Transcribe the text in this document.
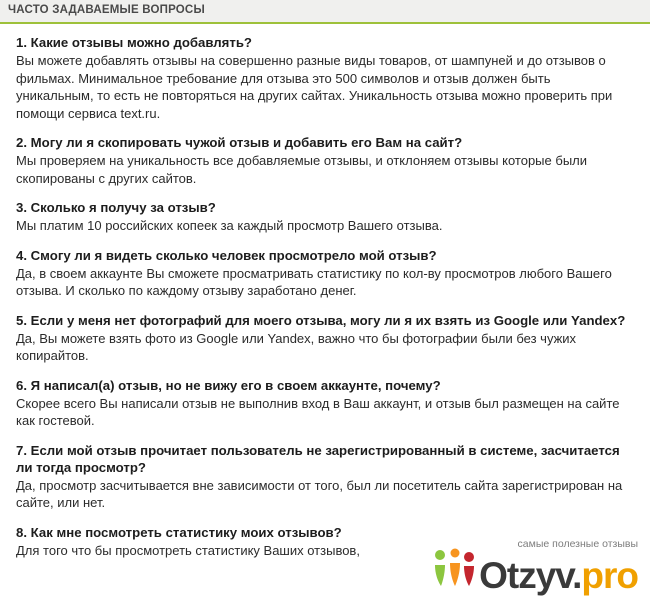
ЧАСТО ЗАДАВАЕМЫЕ ВОПРОСЫ

1. Какие отзывы можно добавлять?

Вы можете добавлять отзывы на совершенно разные виды товаров, от шампуней и до отзывов о фильмах. Минимальное требование для отзыва это 500 символов и отзыв должен быть уникальным, то есть не повторяться на других сайтах. Уникальность отзыва можно проверить при помощи сервиса text.ru.

2. Могу ли я скопировать чужой отзыв и добавить его Вам на сайт?

Мы проверяем на уникальность все добавляемые отзывы, и отклоняем отзывы которые были скопированы с других сайтов.

3. Сколько я получу за отзыв?

Мы платим 10 российских копеек за каждый просмотр Вашего отзыва.

4. Смогу ли я видеть сколько человек просмотрело мой отзыв?

Да, в своем аккаунте Вы сможете просматривать статистику по кол-ву просмотров любого Вашего отзыва. И сколько по каждому отзыву заработано денег.

5. Если у меня нет фотографий для моего отзыва, могу ли я их взять из Google или Yandex?

Да, Вы можете взять фото из Google или Yandex, важно что бы фотографии были без чужих копирайтов.

6. Я написал(а) отзыв, но не вижу его в своем аккаунте, почему?

Скорее всего Вы написали отзыв не выполнив вход в Ваш аккаунт, и отзыв был размещен на сайте как гостевой.

7. Если мой отзыв прочитает пользователь не зарегистрированный в системе, засчитается ли тогда просмотр?

Да, просмотр засчитывается вне зависимости от того, был ли посетитель сайта зарегистрирован на сайте, или нет.

8. Как мне посмотреть статистику моих отзывов?

Для того что бы просмотреть статистику Ваших отзывов,	самые полезные отзывы
Otzyv.pro
